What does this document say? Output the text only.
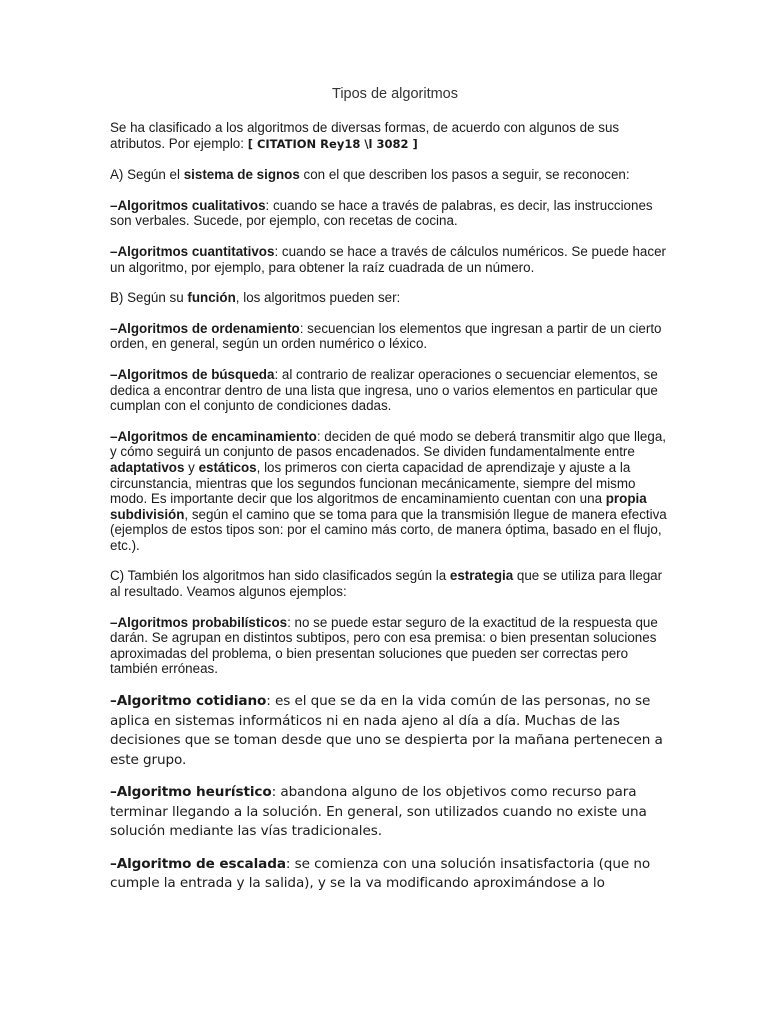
Tipos de algoritmos

Se ha clasificado a los algoritmos de diversas formas, de acuerdo con algunos de sus atributos. Por ejemplo: [ CITATION Rey18 \l 3082 ]

A) Según el sistema de signos con el que describen los pasos a seguir, se reconocen:

–Algoritmos cualitativos: cuando se hace a través de palabras, es decir, las instrucciones son verbales. Sucede, por ejemplo, con recetas de cocina.

–Algoritmos cuantitativos: cuando se hace a través de cálculos numéricos. Se puede hacer un algoritmo, por ejemplo, para obtener la raíz cuadrada de un número.

B) Según su función, los algoritmos pueden ser:

–Algoritmos de ordenamiento: secuencian los elementos que ingresan a partir de un cierto orden, en general, según un orden numérico o léxico.

–Algoritmos de búsqueda: al contrario de realizar operaciones o secuenciar elementos, se dedica a encontrar dentro de una lista que ingresa, uno o varios elementos en particular que cumplan con el conjunto de condiciones dadas.

–Algoritmos de encaminamiento: deciden de qué modo se deberá transmitir algo que llega, y cómo seguirá un conjunto de pasos encadenados. Se dividen fundamentalmente entre adaptativos y estáticos, los primeros con cierta capacidad de aprendizaje y ajuste a la circunstancia, mientras que los segundos funcionan mecánicamente, siempre del mismo modo. Es importante decir que los algoritmos de encaminamiento cuentan con una propia subdivisión, según el camino que se toma para que la transmisión llegue de manera efectiva (ejemplos de estos tipos son: por el camino más corto, de manera óptima, basado en el flujo, etc.).

C) También los algoritmos han sido clasificados según la estrategia que se utiliza para llegar al resultado. Veamos algunos ejemplos:

–Algoritmos probabilísticos: no se puede estar seguro de la exactitud de la respuesta que darán. Se agrupan en distintos subtipos, pero con esa premisa: o bien presentan soluciones aproximadas del problema, o bien presentan soluciones que pueden ser correctas pero también erróneas.

–Algoritmo cotidiano: es el que se da en la vida común de las personas, no se aplica en sistemas informáticos ni en nada ajeno al día a día. Muchas de las decisiones que se toman desde que uno se despierta por la mañana pertenecen a este grupo.

–Algoritmo heurístico: abandona alguno de los objetivos como recurso para terminar llegando a la solución. En general, son utilizados cuando no existe una solución mediante las vías tradicionales.

–Algoritmo de escalada: se comienza con una solución insatisfactoria (que no cumple la entrada y la salida), y se la va modificando aproximándose a lo
